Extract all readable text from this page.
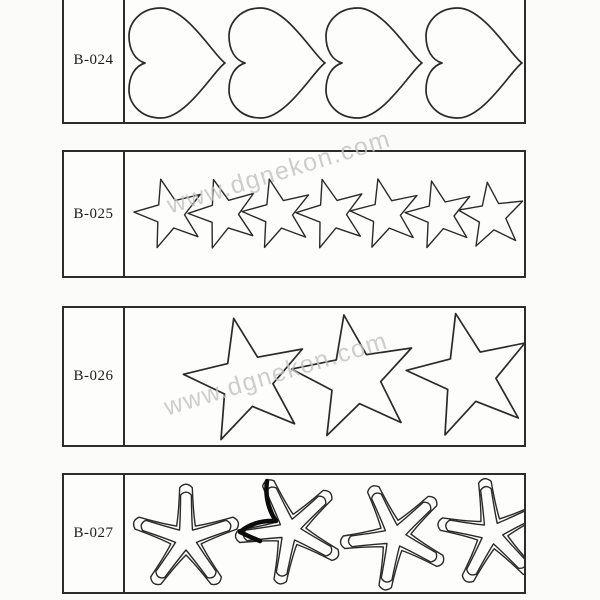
B-024
B-025
B-026
B-027
www.dgnekon.com
www.dgnekon.com
